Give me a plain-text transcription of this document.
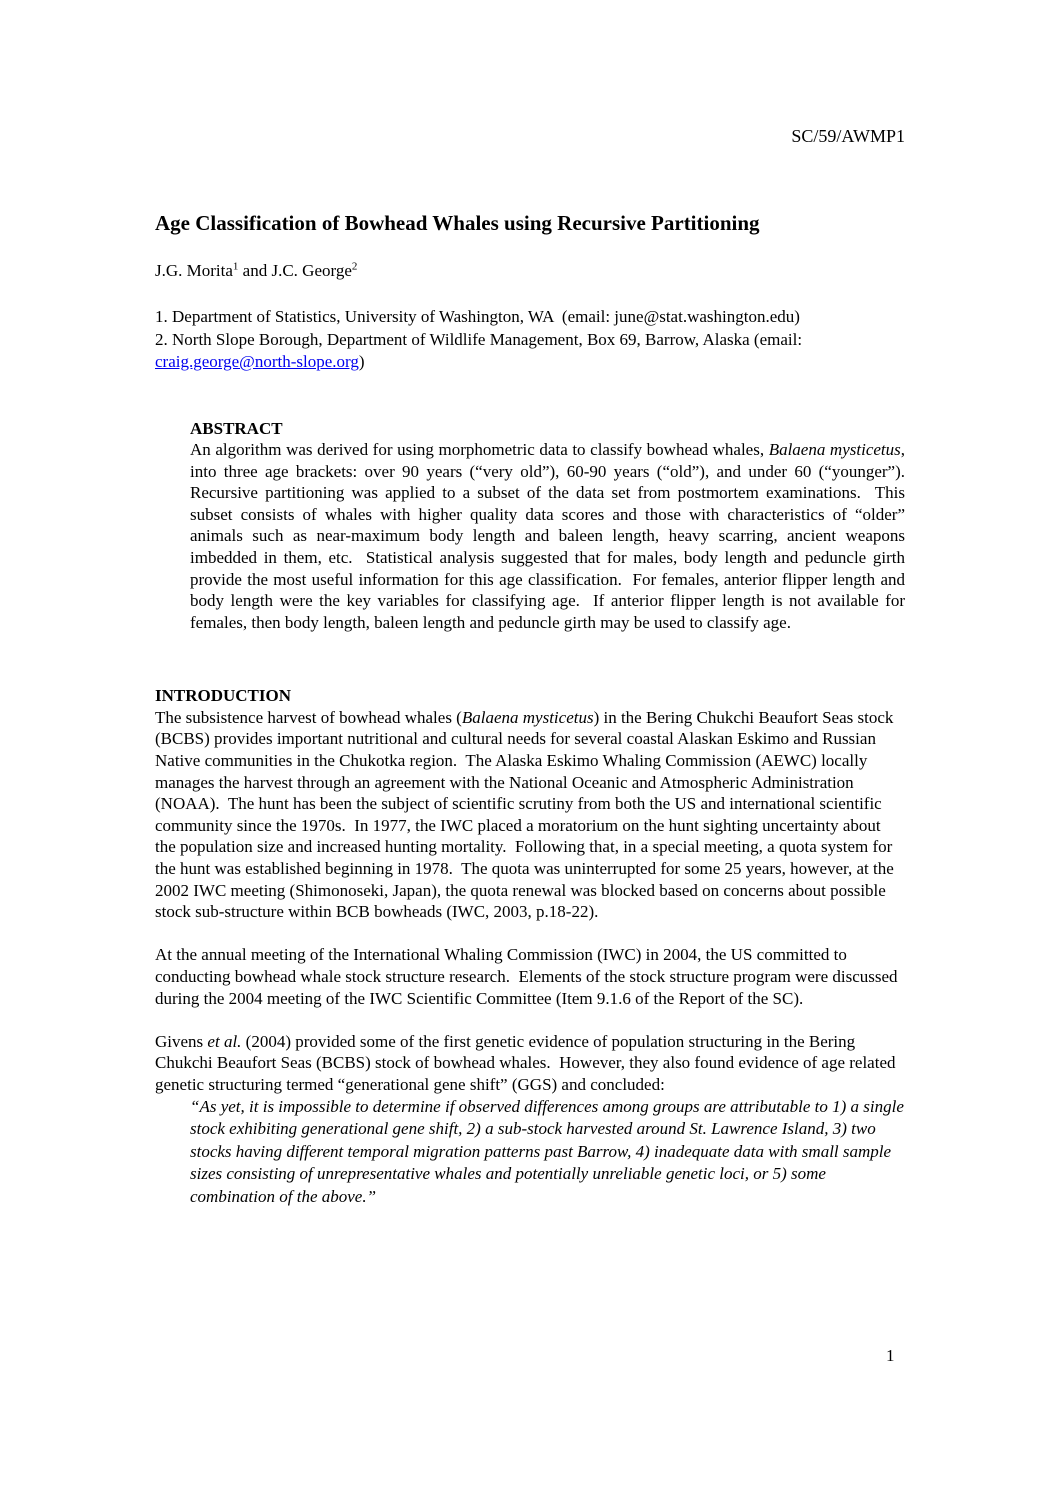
SC/59/AWMP1
Age Classification of Bowhead Whales using Recursive Partitioning

J.G. Morita$^1$ and J.C. George$^2$

1. Department of Statistics, University of Washington, WA  (email: june@stat.washington.edu)
2. North Slope Borough, Department of Wildlife Management, Box 69, Barrow, Alaska (email: craig.george@north-slope.org)

ABSTRACT

An algorithm was derived for using morphometric data to classify bowhead whales, Balaena mysticetus, into three age brackets: over 90 years (“very old”), 60-90 years (“old”), and under 60 (“younger”).  Recursive partitioning was applied to a subset of the data set from postmortem examinations.  This subset consists of whales with higher quality data scores and those with characteristics of “older” animals such as near-maximum body length and baleen length, heavy scarring, ancient weapons imbedded in them, etc.  Statistical analysis suggested that for males, body length and peduncle girth provide the most useful information for this age classification.  For females, anterior flipper length and body length were the key variables for classifying age.  If anterior flipper length is not available for females, then body length, baleen length and peduncle girth may be used to classify age.

INTRODUCTION

The subsistence harvest of bowhead whales (Balaena mysticetus) in the Bering Chukchi Beaufort Seas stock (BCBS) provides important nutritional and cultural needs for several coastal Alaskan Eskimo and Russian Native communities in the Chukotka region.  The Alaska Eskimo Whaling Commission (AEWC) locally manages the harvest through an agreement with the National Oceanic and Atmospheric Administration (NOAA).  The hunt has been the subject of scientific scrutiny from both the US and international scientific community since the 1970s.  In 1977, the IWC placed a moratorium on the hunt sighting uncertainty about the population size and increased hunting mortality.  Following that, in a special meeting, a quota system for the hunt was established beginning in 1978.  The quota was uninterrupted for some 25 years, however, at the 2002 IWC meeting (Shimonoseki, Japan), the quota renewal was blocked based on concerns about possible stock sub-structure within BCB bowheads (IWC, 2003, p.18-22).

At the annual meeting of the International Whaling Commission (IWC) in 2004, the US committed to conducting bowhead whale stock structure research.  Elements of the stock structure program were discussed during the 2004 meeting of the IWC Scientific Committee (Item 9.1.6 of the Report of the SC).

Givens et al. (2004) provided some of the first genetic evidence of population structuring in the Bering Chukchi Beaufort Seas (BCBS) stock of bowhead whales.  However, they also found evidence of age related genetic structuring termed “generational gene shift” (GGS) and concluded:

“As yet, it is impossible to determine if observed differences among groups are attributable to 1) a single stock exhibiting generational gene shift, 2) a sub-stock harvested around St. Lawrence Island, 3) two stocks having different temporal migration patterns past Barrow, 4) inadequate data with small sample sizes consisting of unrepresentative whales and potentially unreliable genetic loci, or 5) some combination of the above.”

1
